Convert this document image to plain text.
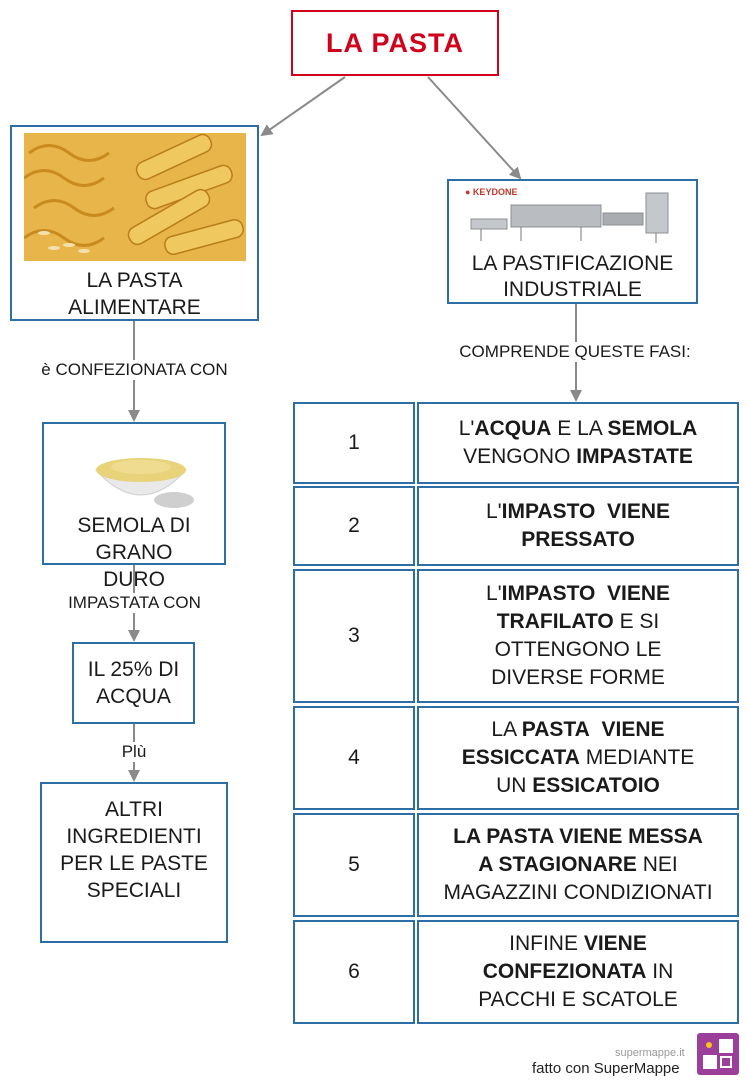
LA PASTA
LA PASTA ALIMENTARE
è CONFEZIONATA CON
SEMOLA DI GRANO DURO
IMPASTATA CON
IL 25% DI ACQUA
Plù
ALTRI INGREDIENTI PER LE PASTE SPECIALI
● KEYDONE
LA PASTIFICAZIONE INDUSTRIALE
COMPRENDE QUESTE FASI:
1
L'ACQUA E LA SEMOLA
VENGONO IMPASTATE
2
L'IMPASTO  VIENE
PRESSATO
3
L'IMPASTO  VIENE
TRAFILATO E SI
OTTENGONO LE
DIVERSE FORME
4
LA PASTA  VIENE
ESSICCATA MEDIANTE
UN ESSICATOIO
5
LA PASTA VIENE MESSA
A STAGIONARE NEI
MAGAZZINI CONDIZIONATI
6
INFINE VIENE
CONFEZIONATA IN
PACCHI E SCATOLE
supermappe.it
fatto con SuperMappe
